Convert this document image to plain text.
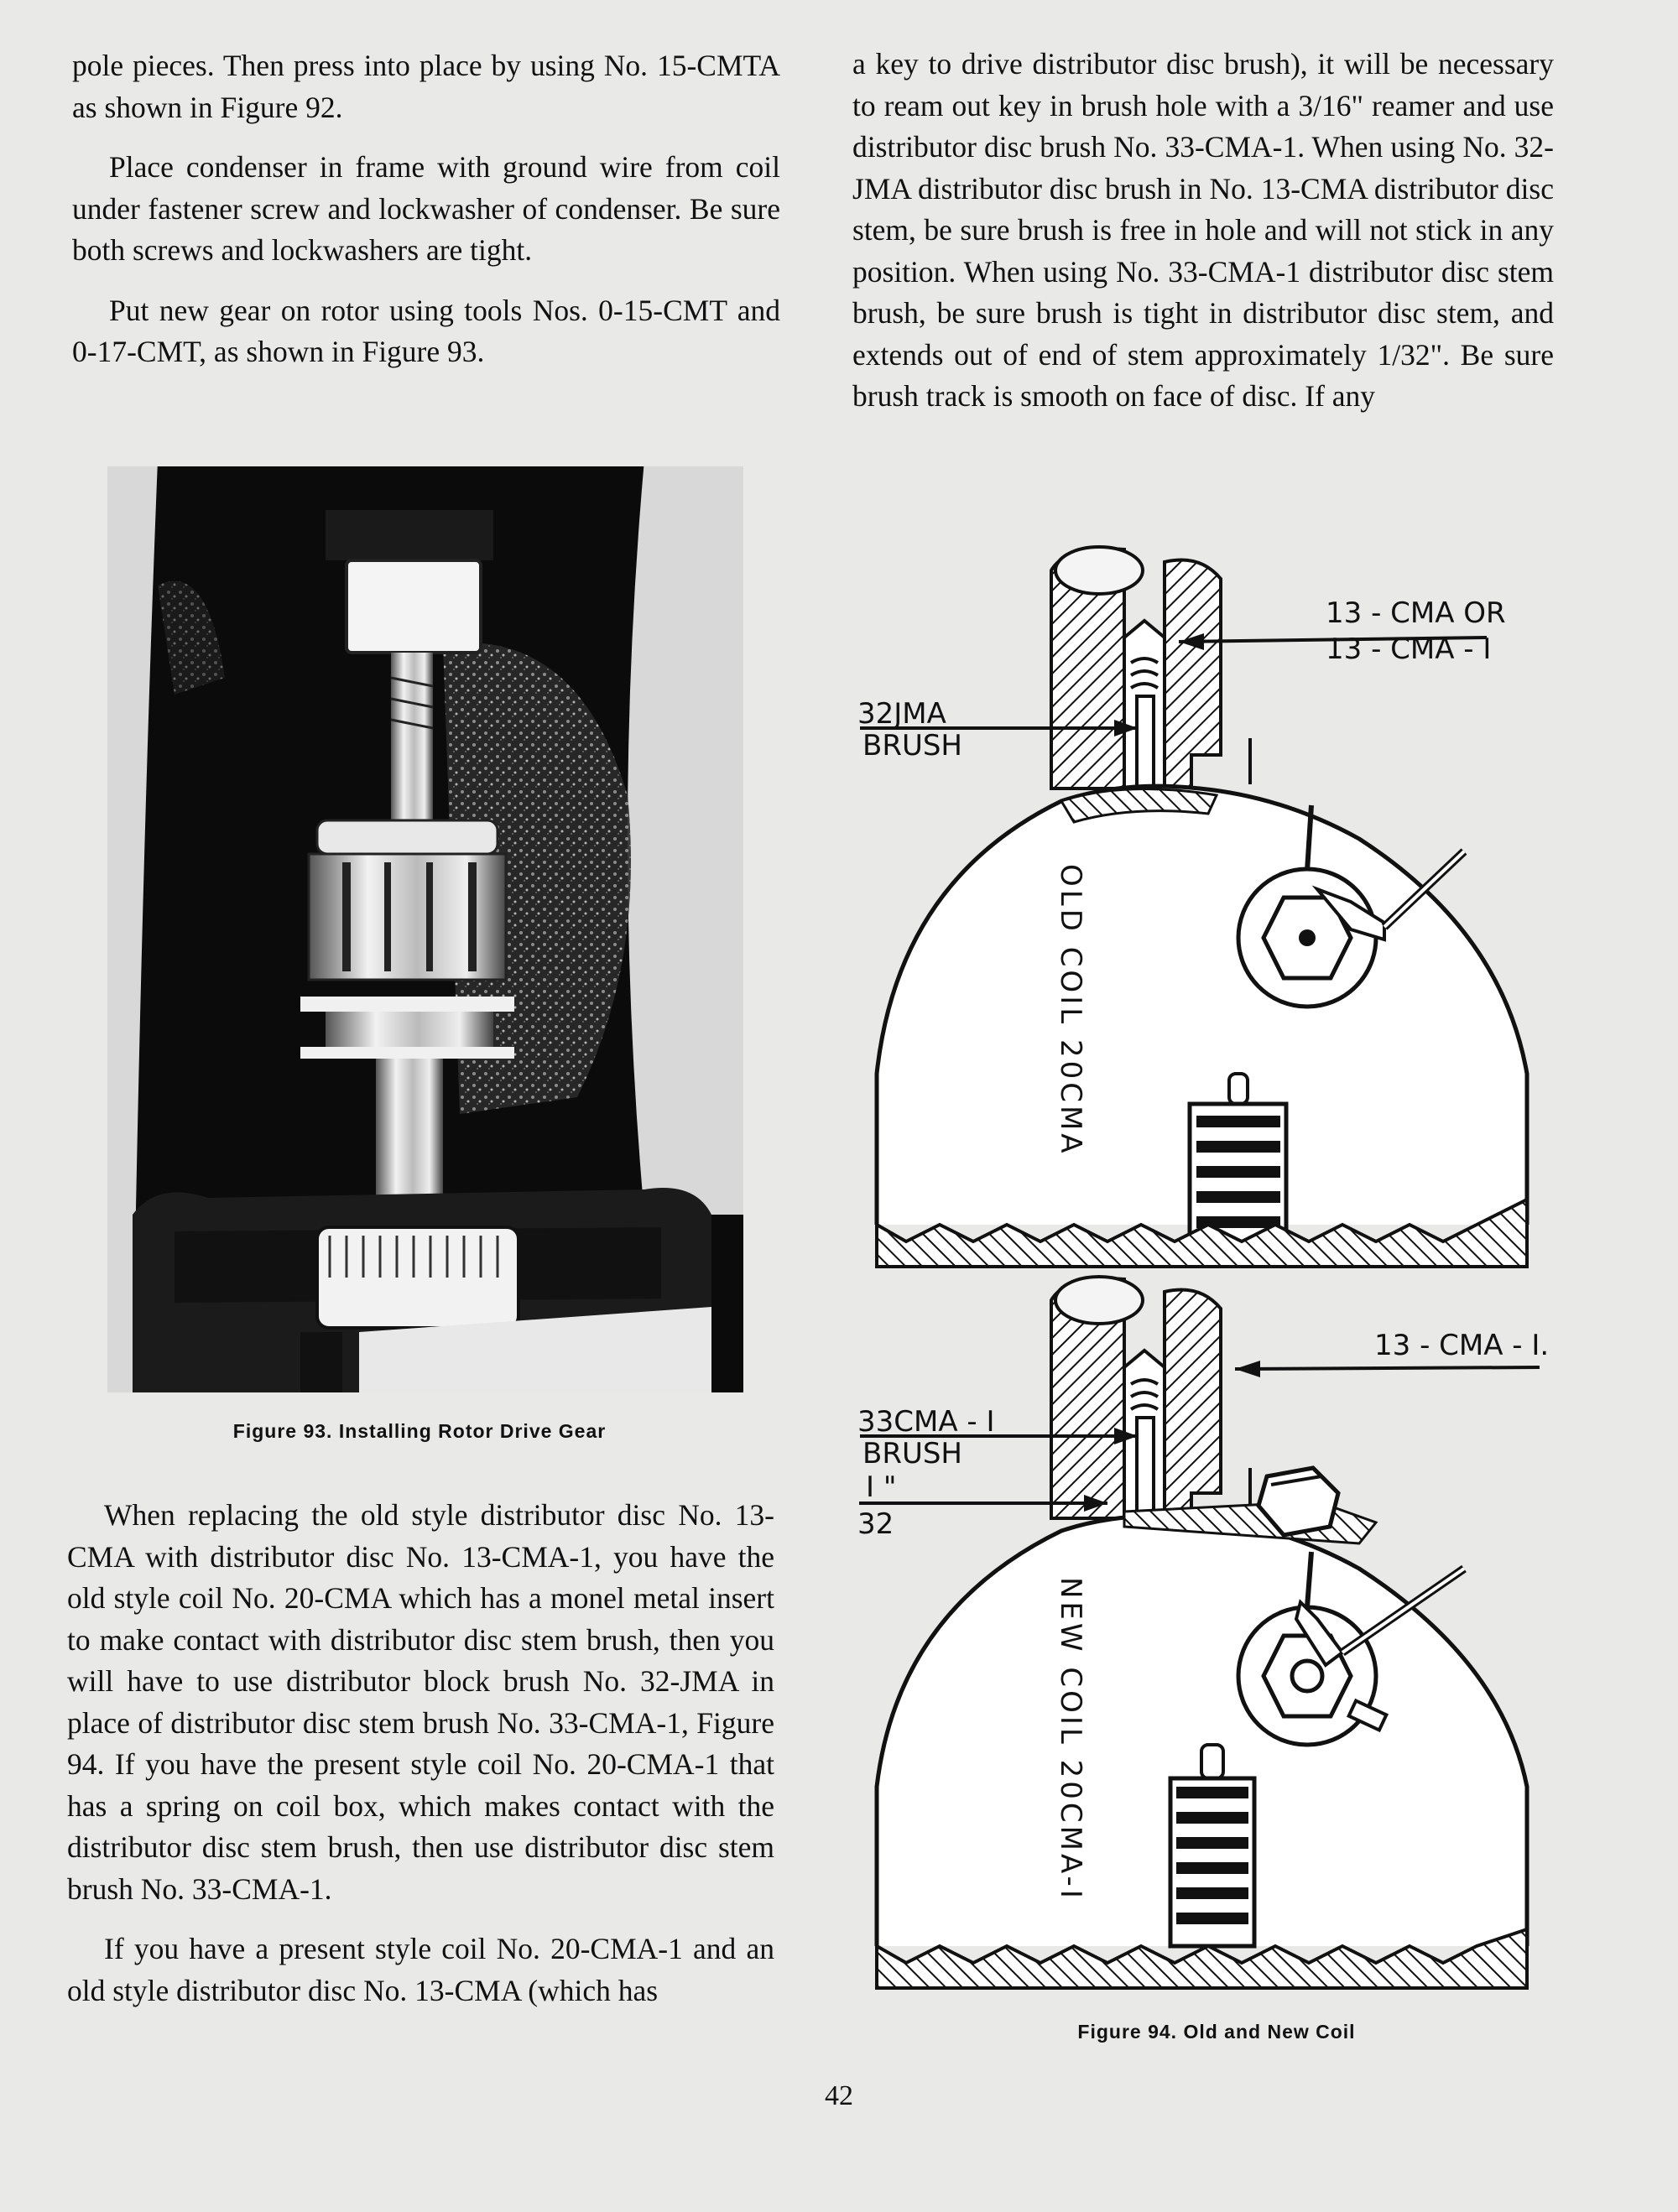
pole pieces. Then press into place by using No. 15-CMTA as shown in Figure 92.

Place condenser in frame with ground wire from coil under fastener screw and lockwasher of condenser. Be sure both screws and lockwashers are tight.

Put new gear on rotor using tools Nos. 0-15-CMT and 0-17-CMT, as shown in Figure 93.

Figure 93. Installing Rotor Drive Gear

When replacing the old style distributor disc No. 13-CMA with distributor disc No. 13-CMA-1, you have the old style coil No. 20-CMA which has a monel metal insert to make contact with distributor disc stem brush, then you will have to use distributor block brush No. 32-JMA in place of distributor disc stem brush No. 33-CMA-1, Figure 94. If you have the present style coil No. 20-CMA-1 that has a spring on coil box, which makes contact with the distributor disc stem brush, then use distributor disc stem brush No. 33-CMA-1.

If you have a present style coil No. 20-CMA-1 and an old style distributor disc No. 13-CMA (which has

a key to drive distributor disc brush), it will be necessary to ream out key in brush hole with a 3/16" reamer and use distributor disc brush No. 33-CMA-1. When using No. 32-JMA distributor disc brush in No. 13-CMA distributor disc stem, be sure brush is free in hole and will not stick in any position. When using No. 33-CMA-1 distributor disc stem brush, be sure brush is tight in distributor disc stem, and extends out of end of stem approximately 1/32". Be sure brush track is smooth on face of disc. If any

13 - CMA OR
13 - CMA - I
32JMA
BRUSH
OLD COIL 20CMA
13 - CMA - I.
33CMA - I
BRUSH
I "
32
NEW COIL 20CMA-I
Figure 94. Old and New Coil
42
